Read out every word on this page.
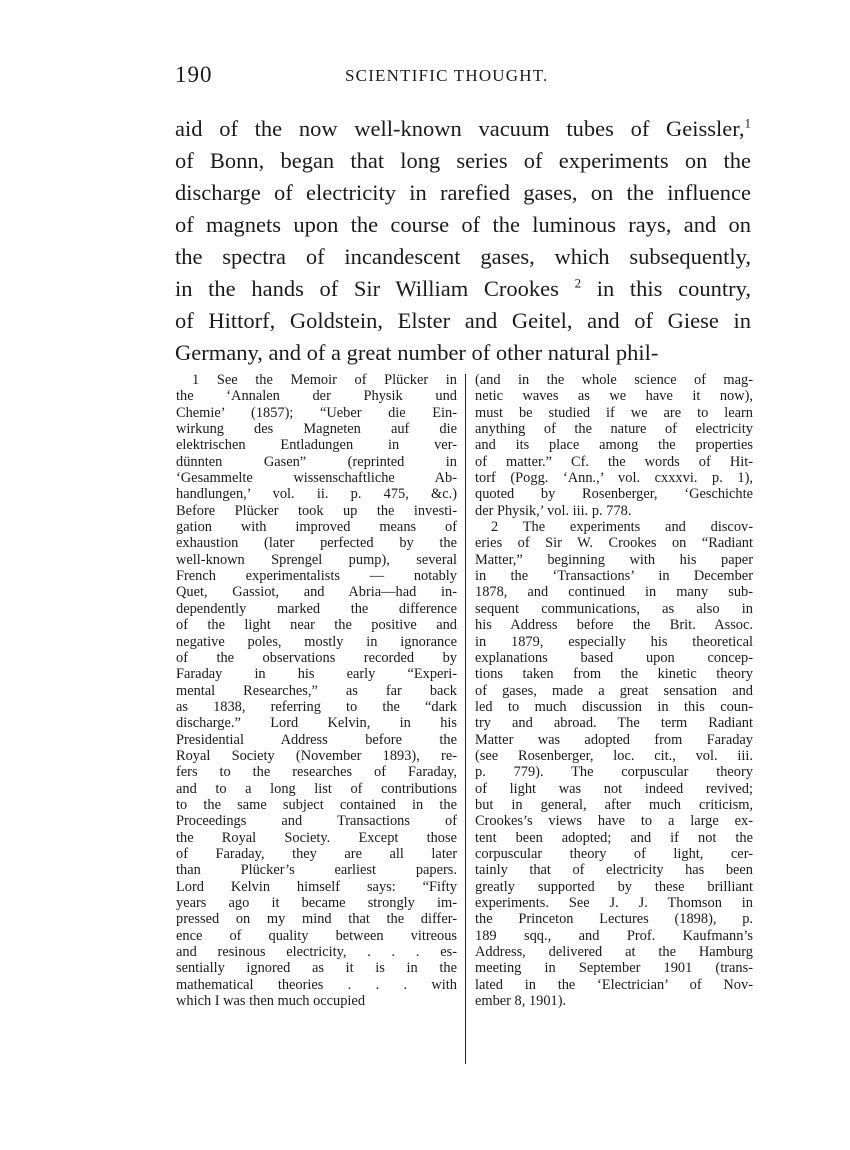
190	SCIENTIFIC THOUGHT.
aid of the now well-known vacuum tubes of Geissler,$^1$
of Bonn, began that long series of experiments on the
discharge of electricity in rarefied gases, on the influence
of magnets upon the course of the luminous rays, and on
the spectra of incandescent gases, which subsequently,
in the hands of Sir William Crookes $^2$ in this country,
of Hittorf, Goldstein, Elster and Geitel, and of Giese in
Germany, and of a great number of other natural phil-
1 See the Memoir of Plücker in
the ‘Annalen der Physik und
Chemie’ (1857); “Ueber die Ein-
wirkung des Magneten auf die
elektrischen Entladungen in ver-
dünnten Gasen” (reprinted in
‘Gesammelte wissenschaftliche Ab-
handlungen,’ vol. ii. p. 475, &c.)
Before Plücker took up the investi-
gation with improved means of
exhaustion (later perfected by the
well-known Sprengel pump), several
French experimentalists — notably
Quet, Gassiot, and Abria—had in-
dependently marked the difference
of the light near the positive and
negative poles, mostly in ignorance
of the observations recorded by
Faraday in his early “Experi-
mental Researches,” as far back
as 1838, referring to the “dark
discharge.” Lord Kelvin, in his
Presidential Address before the
Royal Society (November 1893), re-
fers to the researches of Faraday,
and to a long list of contributions
to the same subject contained in the
Proceedings and Transactions of
the Royal Society. Except those
of Faraday, they are all later
than Plücker’s earliest papers.
Lord Kelvin himself says: “Fifty
years ago it became strongly im-
pressed on my mind that the differ-
ence of quality between vitreous
and resinous electricity, . . . es-
sentially ignored as it is in the
mathematical theories . . . with
which I was then much occupied
(and in the whole science of mag-
netic waves as we have it now),
must be studied if we are to learn
anything of the nature of electricity
and its place among the properties
of matter.” Cf. the words of Hit-
torf (Pogg. ‘Ann.,’ vol. cxxxvi. p. 1),
quoted by Rosenberger, ‘Geschichte
der Physik,’ vol. iii. p. 778.
2 The experiments and discov-
eries of Sir W. Crookes on “Radiant
Matter,” beginning with his paper
in the ‘Transactions’ in December
1878, and continued in many sub-
sequent communications, as also in
his Address before the Brit. Assoc.
in 1879, especially his theoretical
explanations based upon concep-
tions taken from the kinetic theory
of gases, made a great sensation and
led to much discussion in this coun-
try and abroad. The term Radiant
Matter was adopted from Faraday
(see Rosenberger, loc. cit., vol. iii.
p. 779). The corpuscular theory
of light was not indeed revived;
but in general, after much criticism,
Crookes’s views have to a large ex-
tent been adopted; and if not the
corpuscular theory of light, cer-
tainly that of electricity has been
greatly supported by these brilliant
experiments. See J. J. Thomson in
the Princeton Lectures (1898), p.
189 sqq., and Prof. Kaufmann’s
Address, delivered at the Hamburg
meeting in September 1901 (trans-
lated in the ‘Electrician’ of Nov-
ember 8, 1901).
